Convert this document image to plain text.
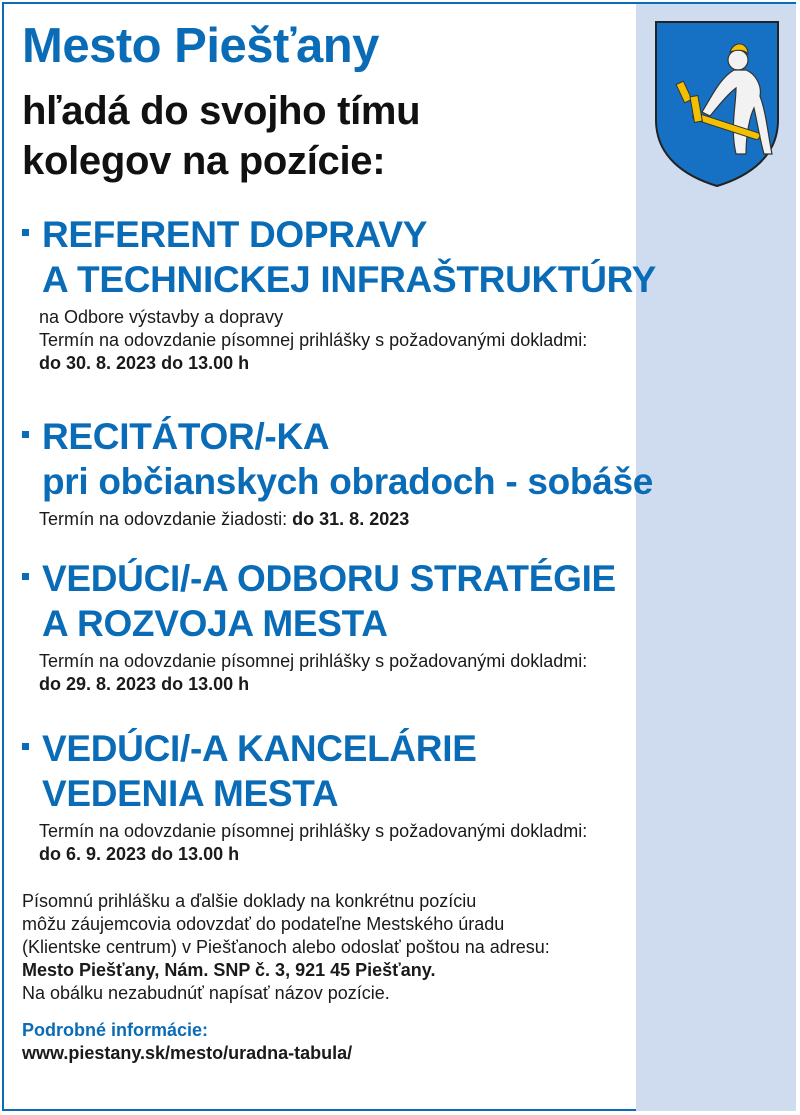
Mesto Piešťany
hľadá do svojho tímu
kolegov na pozície:
REFERENT DOPRAVY
A TECHNICKEJ INFRAŠTRUKTÚRY
na Odbore výstavby a dopravy
Termín na odovzdanie písomnej prihlášky s požadovanými dokladmi:
do 30. 8. 2023 do 13.00 h
RECITÁTOR/-KA
pri občianskych obradoch - sobáše
Termín na odovzdanie žiadosti: do 31. 8. 2023
VEDÚCI/-A ODBORU STRATÉGIE
A ROZVOJA MESTA
Termín na odovzdanie písomnej prihlášky s požadovanými dokladmi:
do 29. 8. 2023 do 13.00 h
VEDÚCI/-A KANCELÁRIE
VEDENIA MESTA
Termín na odovzdanie písomnej prihlášky s požadovanými dokladmi:
do 6. 9. 2023 do 13.00 h
Písomnú prihlášku a ďalšie doklady na konkrétnu pozíciu
môžu záujemcovia odovzdať do podateľne Mestského úradu
(Klientske centrum) v Piešťanoch alebo odoslať poštou na adresu:
Mesto Piešťany, Nám. SNP č. 3, 921 45 Piešťany.
Na obálku nezabudnúť napísať názov pozície.
Podrobné informácie:
www.piestany.sk/mesto/uradna-tabula/
